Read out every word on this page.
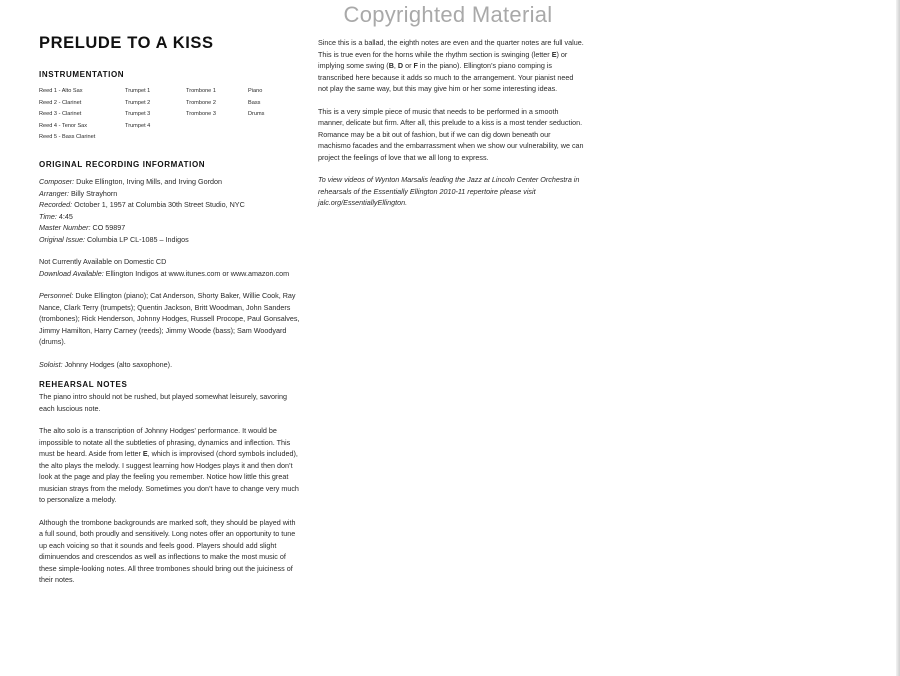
Copyrighted Material
PRELUDE TO A KISS
INSTRUMENTATION
Reed 1 - Alto Sax
Reed 2 - Clarinet
Reed 3 - Clarinet
Reed 4 - Tenor Sax
Reed 5 - Bass Clarinet
Trumpet 1
Trumpet 2
Trumpet 3
Trumpet 4
Trombone 1
Trombone 2
Trombone 3
Piano
Bass
Drums
ORIGINAL RECORDING INFORMATION

Composer: Duke Ellington, Irving Mills, and Irving Gordon

Arranger: Billy Strayhorn

Recorded: October 1, 1957 at Columbia 30th Street Studio, NYC

Time: 4:45

Master Number: CO 59897

Original Issue: Columbia LP CL-1085 – Indigos

Not Currently Available on Domestic CD

Download Available: Ellington Indigos at www.itunes.com or www.amazon.com

Personnel: Duke Ellington (piano); Cat Anderson, Shorty Baker, Willie Cook, Ray Nance, Clark Terry (trumpets); Quentin Jackson, Britt Woodman, John Sanders (trombones); Rick Henderson, Johnny Hodges, Russell Procope, Paul Gonsalves, Jimmy Hamilton, Harry Carney (reeds); Jimmy Woode (bass); Sam Woodyard (drums).

Soloist: Johnny Hodges (alto saxophone).

REHEARSAL NOTES

The piano intro should not be rushed, but played somewhat leisurely, savoring each luscious note.

The alto solo is a transcription of Johnny Hodges’ performance. It would be impossible to notate all the subtleties of phrasing, dynamics and inflection. This must be heard. Aside from letter E, which is improvised (chord symbols included), the alto plays the melody. I suggest learning how Hodges plays it and then don’t look at the page and play the feeling you remember. Notice how little this great musician strays from the melody. Sometimes you don’t have to change very much to personalize a melody.

Although the trombone backgrounds are marked soft, they should be played with a full sound, both proudly and sensitively. Long notes offer an opportunity to tune up each voicing so that it sounds and feels good. Players should add slight diminuendos and crescendos as well as inflections to make the most music of these simple-looking notes. All three trombones should bring out the juiciness of their notes.

Since this is a ballad, the eighth notes are even and the quarter notes are full value. This is true even for the horns while the rhythm section is swinging (letter E) or implying some swing (B, D or F in the piano). Ellington’s piano comping is transcribed here because it adds so much to the arrangement. Your pianist need not play the same way, but this may give him or her some interesting ideas.

This is a very simple piece of music that needs to be performed in a smooth manner, delicate but firm. After all, this prelude to a kiss is a most tender seduction. Romance may be a bit out of fashion, but if we can dig down beneath our machismo facades and the embarrassment when we show our vulnerability, we can project the feelings of love that we all long to express.

To view videos of Wynton Marsalis leading the Jazz at Lincoln Center Orchestra in rehearsals of the Essentially Ellington 2010-11 repertoire please visit jalc.org/EssentiallyEllington.
